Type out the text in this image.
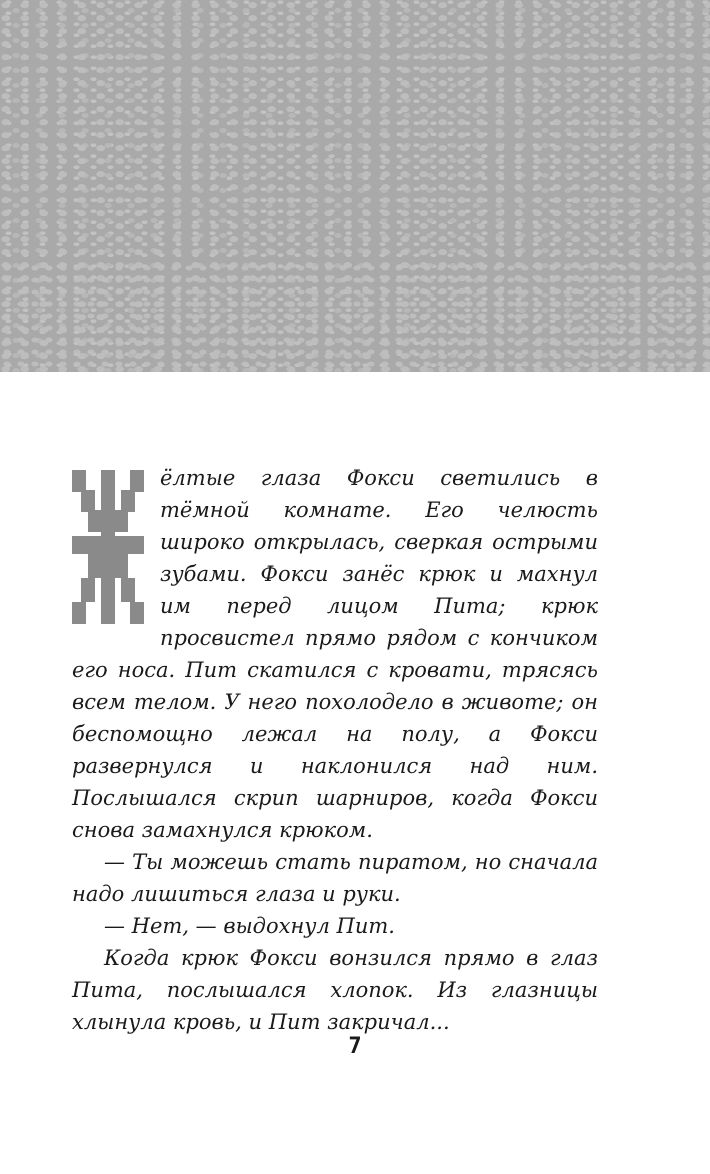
ёлтые глаза Фокси светились в тёмной комнате. Его челюсть широко открылась, сверкая острыми зубами. Фокси занёс крюк и махнул им перед лицом Пита; крюк просвистел прямо рядом с кончиком его носа. Пит скатился с кровати, трясясь всем телом. У него похолодело в животе; он беспомощно лежал на полу, а Фокси развернулся и наклонился над ним. Послышался скрип шарниров, когда Фокси снова замахнулся крюком.

— Ты можешь стать пиратом, но сначала надо лишиться глаза и руки.

— Нет, — выдохнул Пит.

Когда крюк Фокси вонзился прямо в глаз Пита, послышался хлопок. Из глазницы хлынула кровь, и Пит закричал...

7
